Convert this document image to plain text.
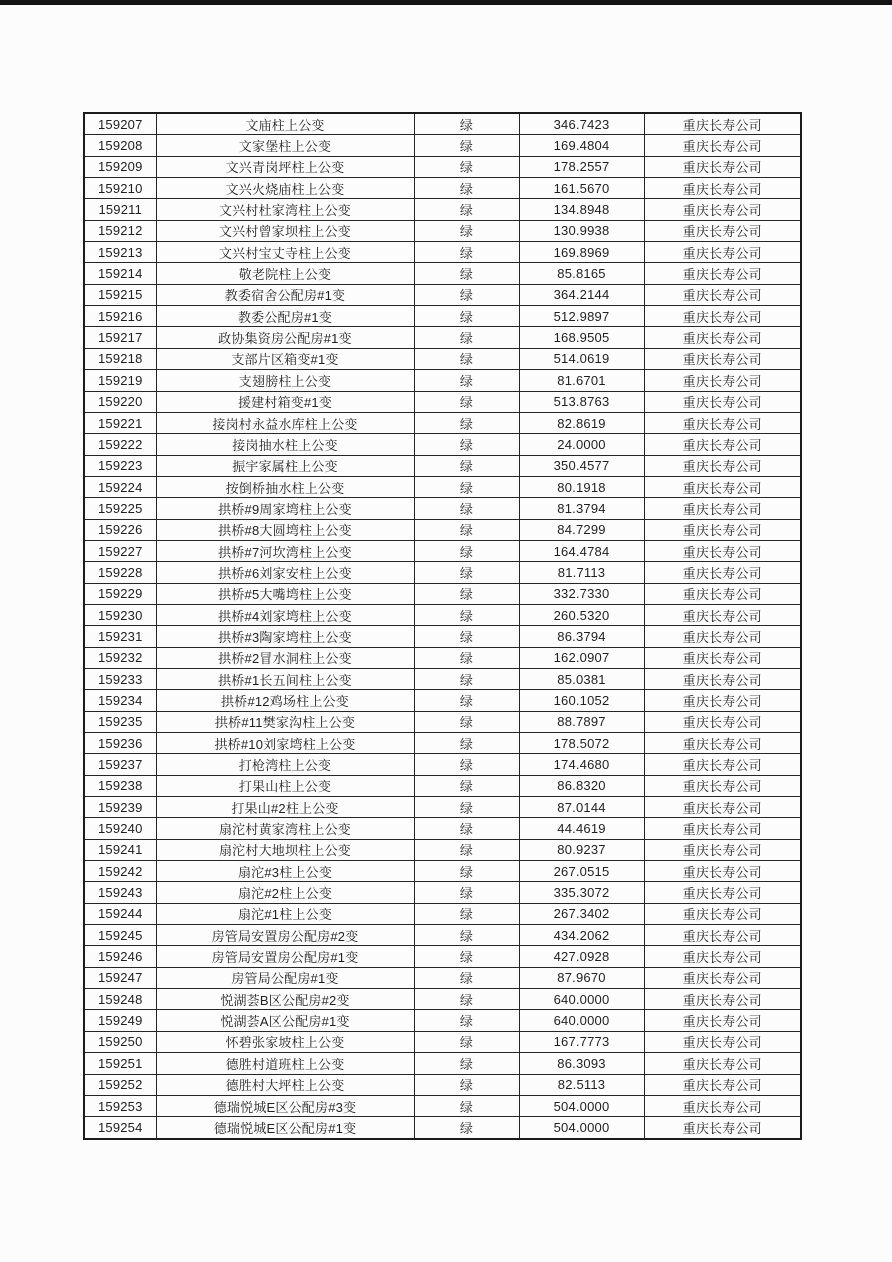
159207	文庙柱上公变	绿	346.7423	重庆长寿公司
159208	文家堡柱上公变	绿	169.4804	重庆长寿公司
159209	文兴青岗坪柱上公变	绿	178.2557	重庆长寿公司
159210	文兴火烧庙柱上公变	绿	161.5670	重庆长寿公司
159211	文兴村杜家湾柱上公变	绿	134.8948	重庆长寿公司
159212	文兴村曾家坝柱上公变	绿	130.9938	重庆长寿公司
159213	文兴村宝丈寺柱上公变	绿	169.8969	重庆长寿公司
159214	敬老院柱上公变	绿	85.8165	重庆长寿公司
159215	教委宿舍公配房#1变	绿	364.2144	重庆长寿公司
159216	教委公配房#1变	绿	512.9897	重庆长寿公司
159217	政协集资房公配房#1变	绿	168.9505	重庆长寿公司
159218	支部片区箱变#1变	绿	514.0619	重庆长寿公司
159219	支翅膀柱上公变	绿	81.6701	重庆长寿公司
159220	援建村箱变#1变	绿	513.8763	重庆长寿公司
159221	接岗村永益水库柱上公变	绿	82.8619	重庆长寿公司
159222	接岗抽水柱上公变	绿	24.0000	重庆长寿公司
159223	振宇家属柱上公变	绿	350.4577	重庆长寿公司
159224	按倒桥抽水柱上公变	绿	80.1918	重庆长寿公司
159225	拱桥#9周家塆柱上公变	绿	81.3794	重庆长寿公司
159226	拱桥#8大圆塆柱上公变	绿	84.7299	重庆长寿公司
159227	拱桥#7河坎湾柱上公变	绿	164.4784	重庆长寿公司
159228	拱桥#6刘家安柱上公变	绿	81.7113	重庆长寿公司
159229	拱桥#5大嘴塆柱上公变	绿	332.7330	重庆长寿公司
159230	拱桥#4刘家塆柱上公变	绿	260.5320	重庆长寿公司
159231	拱桥#3陶家塆柱上公变	绿	86.3794	重庆长寿公司
159232	拱桥#2冒水洞柱上公变	绿	162.0907	重庆长寿公司
159233	拱桥#1长五间柱上公变	绿	85.0381	重庆长寿公司
159234	拱桥#12鸡场柱上公变	绿	160.1052	重庆长寿公司
159235	拱桥#11樊家沟柱上公变	绿	88.7897	重庆长寿公司
159236	拱桥#10刘家塆柱上公变	绿	178.5072	重庆长寿公司
159237	打枪湾柱上公变	绿	174.4680	重庆长寿公司
159238	打果山柱上公变	绿	86.8320	重庆长寿公司
159239	打果山#2柱上公变	绿	87.0144	重庆长寿公司
159240	扇沱村黄家湾柱上公变	绿	44.4619	重庆长寿公司
159241	扇沱村大地坝柱上公变	绿	80.9237	重庆长寿公司
159242	扇沱#3柱上公变	绿	267.0515	重庆长寿公司
159243	扇沱#2柱上公变	绿	335.3072	重庆长寿公司
159244	扇沱#1柱上公变	绿	267.3402	重庆长寿公司
159245	房管局安置房公配房#2变	绿	434.2062	重庆长寿公司
159246	房管局安置房公配房#1变	绿	427.0928	重庆长寿公司
159247	房管局公配房#1变	绿	87.9670	重庆长寿公司
159248	悦湖荟B区公配房#2变	绿	640.0000	重庆长寿公司
159249	悦湖荟A区公配房#1变	绿	640.0000	重庆长寿公司
159250	怀碧张家坡柱上公变	绿	167.7773	重庆长寿公司
159251	德胜村道班柱上公变	绿	86.3093	重庆长寿公司
159252	德胜村大坪柱上公变	绿	82.5113	重庆长寿公司
159253	德瑞悦城E区公配房#3变	绿	504.0000	重庆长寿公司
159254	德瑞悦城E区公配房#1变	绿	504.0000	重庆长寿公司
